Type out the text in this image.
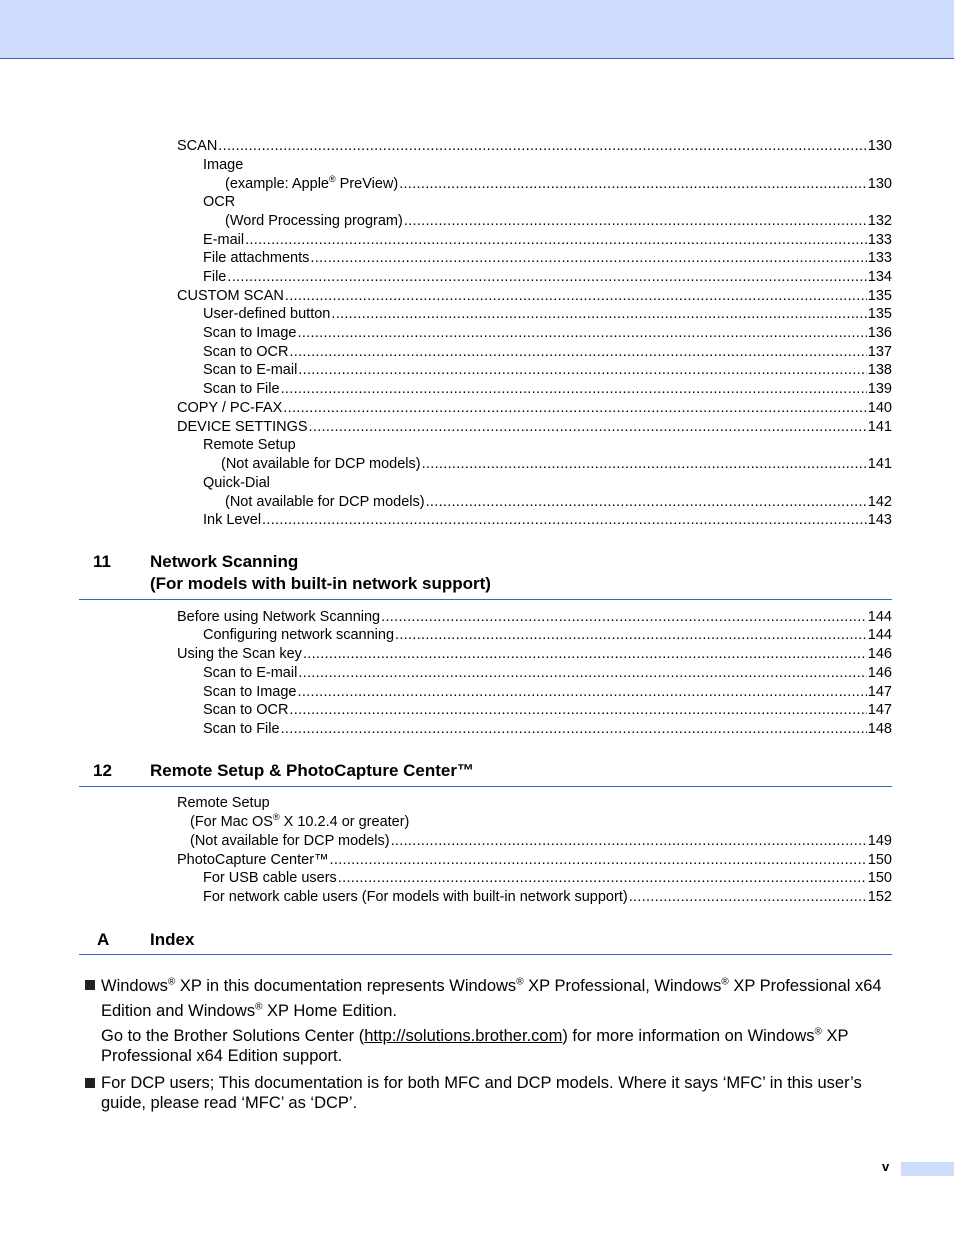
SCAN .....	130
Image
(example: Apple® PreView) .....	130
OCR
(Word Processing program) .....	132
E-mail .....	133
File attachments .....	133
File .....	134
CUSTOM SCAN .....	135
User-defined button .....	135
Scan to Image .....	136
Scan to OCR .....	137
Scan to E-mail .....	138
Scan to File .....	139
COPY / PC-FAX .....	140
DEVICE SETTINGS .....	141
Remote Setup
(Not available for DCP models) .....	141
Quick-Dial
(Not available for DCP models) .....	142
Ink Level .....	143
11 Network Scanning
(For models with built-in network support)
Before using Network Scanning .....	144
Configuring network scanning .....	144
Using the Scan key .....	146
Scan to E-mail .....	146
Scan to Image .....	147
Scan to OCR .....	147
Scan to File .....	148
12 Remote Setup & PhotoCapture Center™
Remote Setup
(For Mac OS® X 10.2.4 or greater)
(Not available for DCP models) .....	149
PhotoCapture Center™ .....	150
For USB cable users .....	150
For network cable users (For models with built-in network support) .....	152
A Index
Windows® XP in this documentation represents Windows® XP Professional, Windows® XP Professional x64 Edition and Windows® XP Home Edition.
Go to the Brother Solutions Center (http://solutions.brother.com) for more information on Windows® XP Professional x64 Edition support.
For DCP users; This documentation is for both MFC and DCP models. Where it says ‘MFC’ in this user’s guide, please read ‘MFC’ as ‘DCP’.
v
